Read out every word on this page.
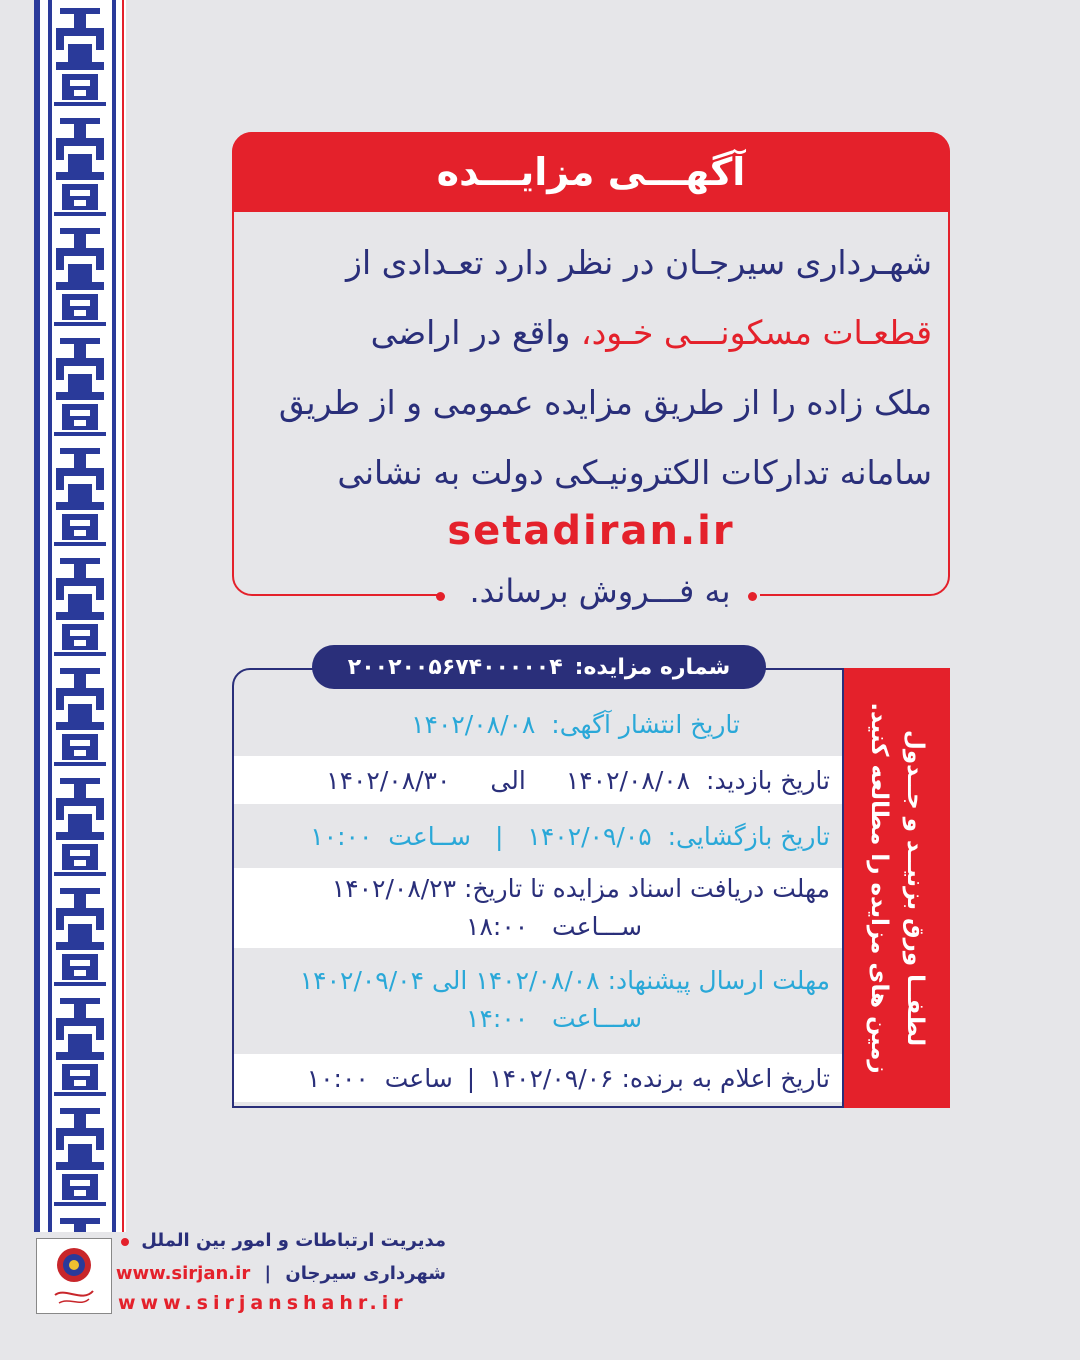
آگهـــی مزایـــده
شهـرداری سیرجـان در نظر دارد تعـدادی از
قطعـات مسکونـــی خـود، واقع در اراضی
ملک زاده را از طریق مزایده عمومی و از طریق
سامانه تدارکات الکترونیـکی دولت به نشانی
setadiran.ir
به فـــروش برساند.
شماره مزایده:
۲۰۰۲۰۰۵۶۷۴۰۰۰۰۰۴
تاریخ انتشار آگهی:

۱۴۰۲/۰۸/۰۸
تاریخ بازدید:

۱۴۰۲/۰۸/۰۸
الی
۱۴۰۲/۰۸/۳۰
تاریخ بازگشایی:

۱۴۰۲/۰۹/۰۵
|
ســاعت

۱۰:۰۰
مهلت دریافت اسناد مزایده تا تاریخ: ۱۴۰۲/۰۸/۲۳
ســـاعت   ۱۸:۰۰
مهلت ارسال پیشنهاد: ۱۴۰۲/۰۸/۰۸ الی ۱۴۰۲/۰۹/۰۴
ســـاعت   ۱۴:۰۰
تاریخ اعلام به برنده:

۱۴۰۲/۰۹/۰۶
|
ساعت

۱۰:۰۰
لطفــا ورق بزنیــد و جــدول
زمین های مزایده را مطالعه کنید.
مدیریت ارتباطات و امور بین الملل
شهرداری سیرجان | www.sirjan.ir
www.sirjanshahr.ir
